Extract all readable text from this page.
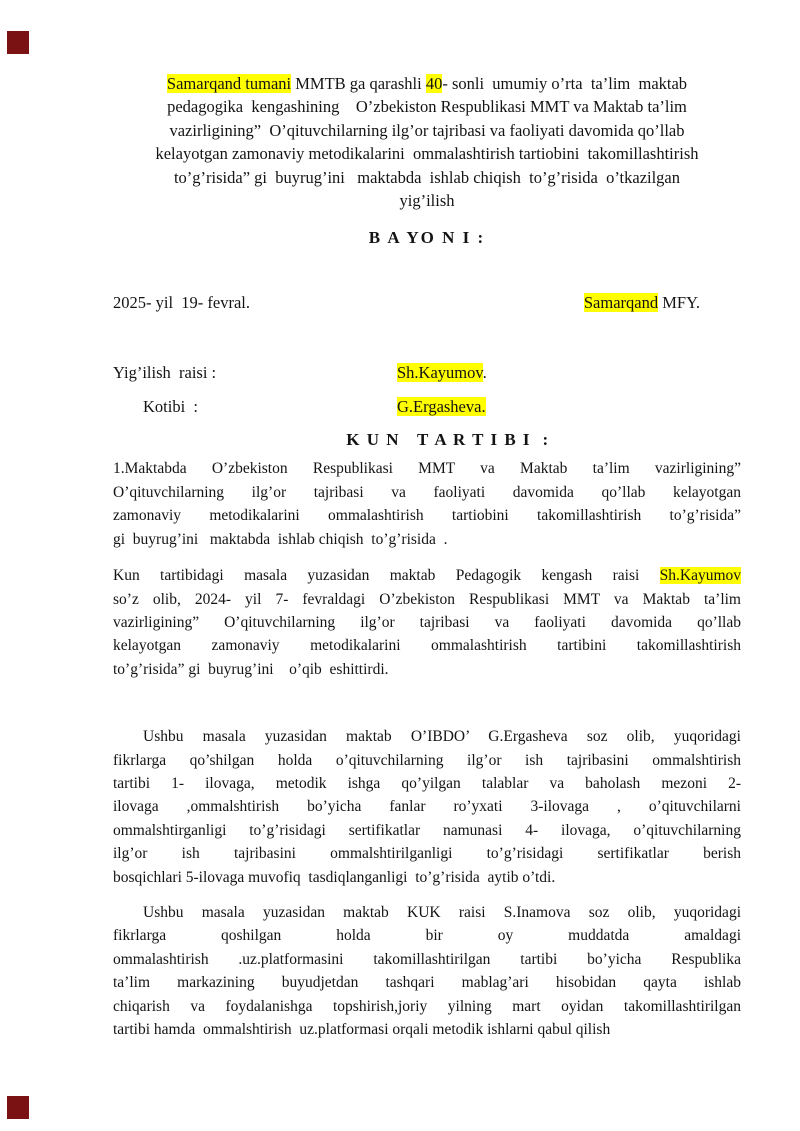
Samarqand tumani MMTB ga qarashli 40- sonli  umumiy o’rta  ta’lim  maktab
pedagogika  kengashining    O’zbekiston Respublikasi MMT va Maktab ta’lim
vazirligining”  O’qituvchilarning ilg’or tajribasi va faoliyati davomida qo’llab
kelayotgan zamonaviy metodikalarini  ommalashtirish tartiobini  takomillashtirish
to’g’risida” gi  buyrug’ini   maktabda  ishlab chiqish  to’g’risida  o’tkazilgan
yig’ilish
B A YO N I :
2025- yil  19- fevral.	Samarqand MFY.
Yig’ilish  raisi :	Sh.Kayumov.
Kotibi  :	G.Ergasheva.
K U N   T A R T I B I  :
1.Maktabda O’zbekiston Respublikasi MMT va Maktab ta’lim vazirligining”
O’qituvchilarning ilg’or tajribasi va faoliyati davomida qo’llab kelayotgan
zamonaviy metodikalarini ommalashtirish tartiobini takomillashtirish to’g’risida”
gi  buyrug’ini   maktabda  ishlab chiqish  to’g’risida  .
Kun tartibidagi masala yuzasidan maktab Pedagogik kengash raisi Sh.Kayumov
so’z olib, 2024- yil 7- fevraldagi O’zbekiston Respublikasi MMT va Maktab ta’lim
vazirligining” O’qituvchilarning ilg’or tajribasi va faoliyati davomida qo’llab
kelayotgan zamonaviy metodikalarini ommalashtirish tartibini takomillashtirish
to’g’risida” gi  buyrug’ini    o’qib  eshittirdi.
Ushbu masala yuzasidan maktab O’IBDO’ G.Ergasheva soz olib, yuqoridagi
fikrlarga qo’shilgan holda o’qituvchilarning ilg’or ish tajribasini ommalshtirish
tartibi 1- ilovaga, metodik ishga qo’yilgan talablar va baholash mezoni 2-
ilovaga ,ommalshtirish bo’yicha fanlar ro’yxati 3-ilovaga , o’qituvchilarni
ommalshtirganligi to’g’risidagi sertifikatlar namunasi 4- ilovaga, o’qituvchilarning
ilg’or ish tajribasini ommalshtirilganligi to’g’risidagi sertifikatlar berish
bosqichlari 5-ilovaga muvofiq  tasdiqlanganligi  to’g’risida  aytib o’tdi.
Ushbu masala yuzasidan maktab KUK raisi S.Inamova soz olib, yuqoridagi
fikrlarga qoshilgan holda bir oy muddatda amaldagi
ommalashtirish .uz.platformasini takomillashtirilgan tartibi bo’yicha Respublika
ta’lim markazining buyudjetdan tashqari mablag’ari hisobidan qayta ishlab
chiqarish va foydalanishga topshirish,joriy yilning mart oyidan takomillashtirilgan
tartibi hamda  ommalshtirish  uz.platformasi orqali metodik ishlarni qabul qilish
